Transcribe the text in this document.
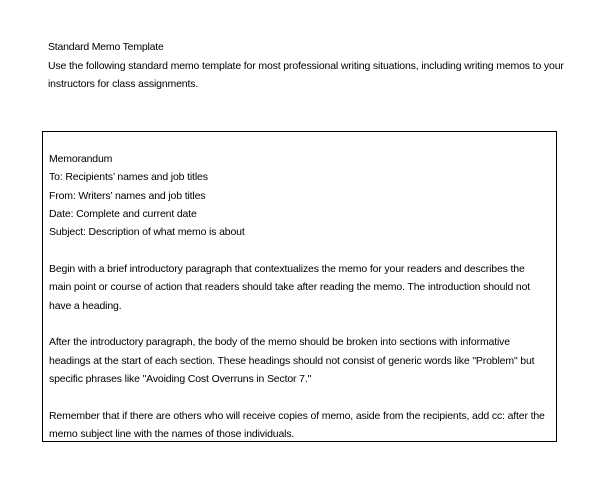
Standard Memo Template
Use the following standard memo template for most professional writing situations, including writing memos to your instructors for class assignments.
Memorandum
To: Recipients’ names and job titles
From: Writers’ names and job titles
Date: Complete and current date
Subject: Description of what memo is about

Begin with a brief introductory paragraph that contextualizes the memo for your readers and describes the main point or course of action that readers should take after reading the memo. The introduction should not have a heading.

After the introductory paragraph, the body of the memo should be broken into sections with informative headings at the start of each section. These headings should not consist of generic words like "Problem" but specific phrases like "Avoiding Cost Overruns in Sector 7."

Remember that if there are others who will receive copies of memo, aside from the recipients, add cc: after the memo subject line with the names of those individuals.
